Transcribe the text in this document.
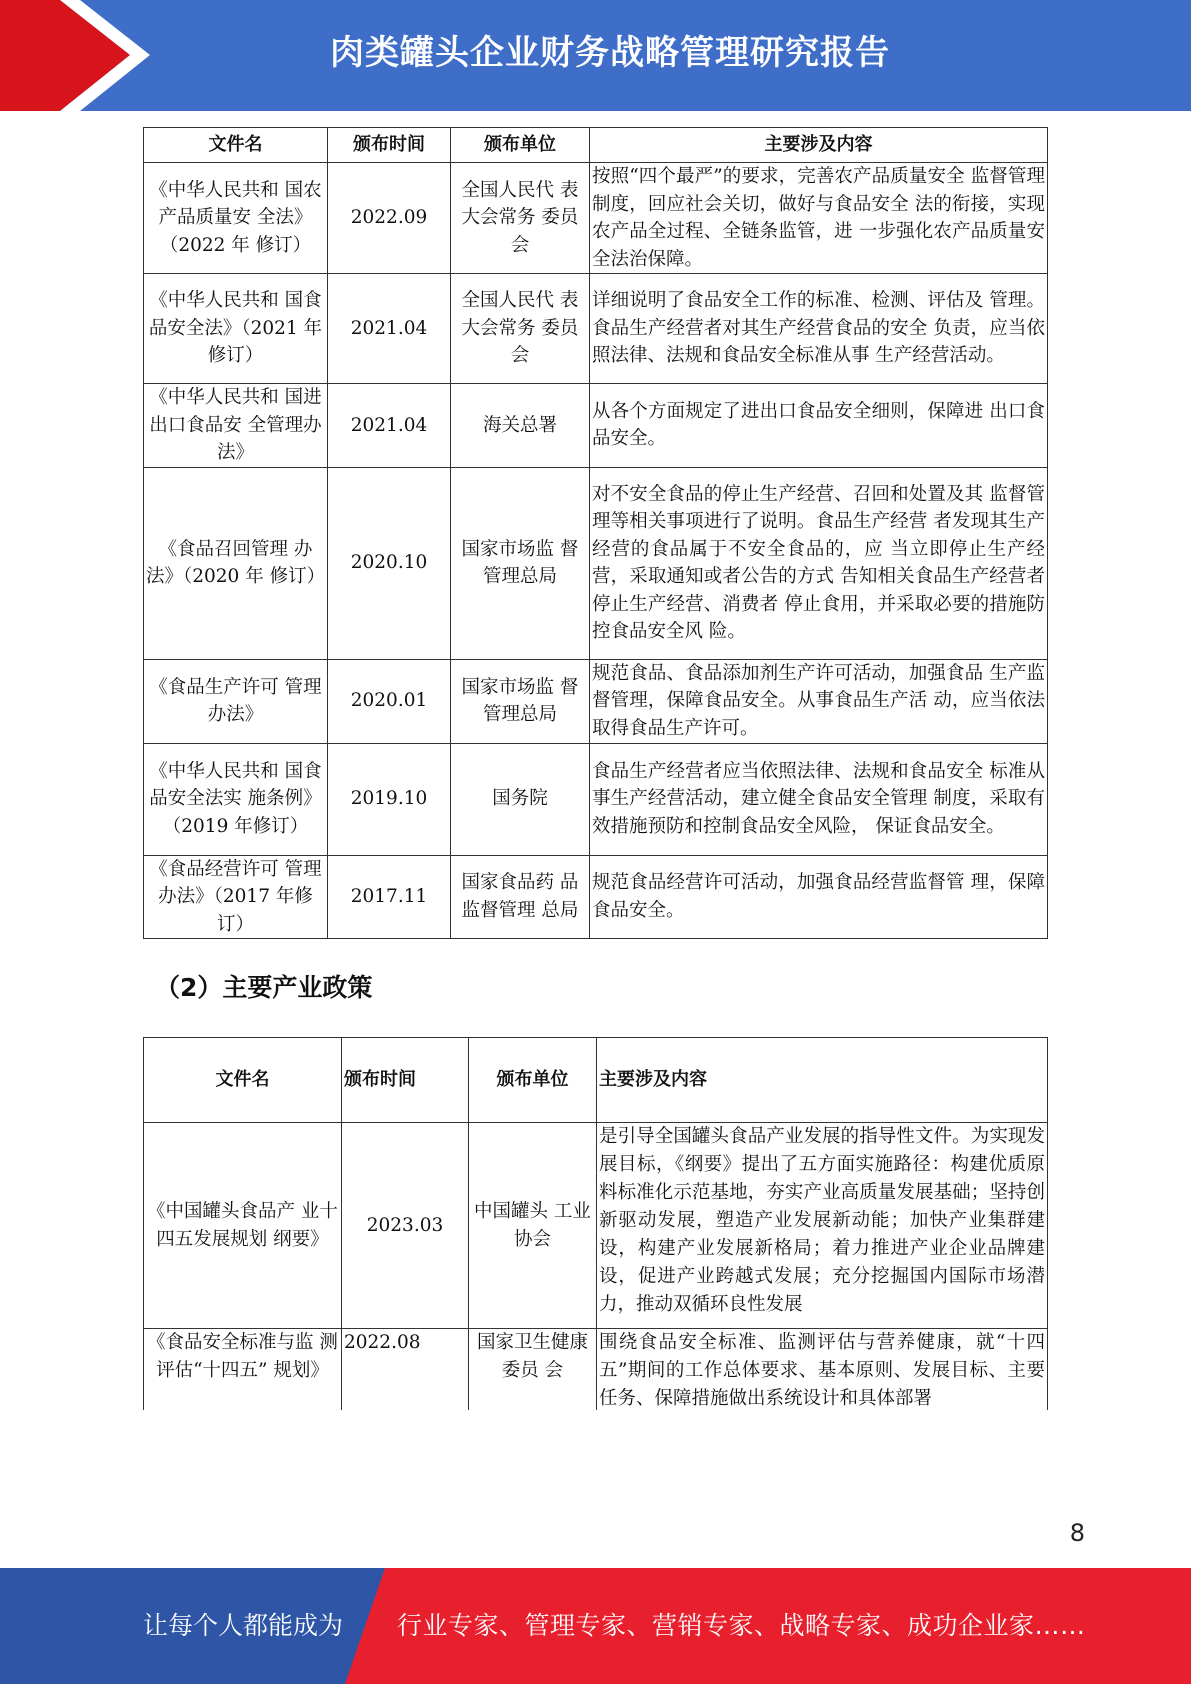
肉类罐头企业财务战略管理研究报告
文件名	颁布时间	颁布单位	主要涉及内容
《中华人民共和 国农产品质量安 全法》（2022 年 修订）	2022.09	全国人民代 表大会常务 委员会	按照“四个最严”的要求，完善农产品质量安全 监督管理制度，回应社会关切，做好与食品安全 法的衔接，实现农产品全过程、全链条监管，进 一步强化农产品质量安全法治保障。
《中华人民共和 国食品安全法》（2021 年修订）	2021.04	全国人民代 表大会常务 委员会	详细说明了食品安全工作的标准、检测、评估及 管理。食品生产经营者对其生产经营食品的安全 负责，应当依照法律、法规和食品安全标准从事 生产经营活动。
《中华人民共和 国进出口食品安 全管理办法》	2021.04	海关总署	从各个方面规定了进出口食品安全细则，保障进 出口食品安全。
《食品召回管理 办法》（2020 年 修订）	2020.10	国家市场监 督管理总局	对不安全食品的停止生产经营、召回和处置及其 监督管理等相关事项进行了说明。食品生产经营 者发现其生产经营的食品属于不安全食品的，应 当立即停止生产经营，采取通知或者公告的方式 告知相关食品生产经营者停止生产经营、消费者 停止食用，并采取必要的措施防控食品安全风 险。
《食品生产许可 管理办法》	2020.01	国家市场监 督管理总局	规范食品、食品添加剂生产许可活动，加强食品 生产监督管理，保障食品安全。从事食品生产活 动，应当依法取得食品生产许可。
《中华人民共和 国食品安全法实 施条例》（2019 年修订）	2019.10	国务院	食品生产经营者应当依照法律、法规和食品安全 标准从事生产经营活动，建立健全食品安全管理 制度，采取有效措施预防和控制食品安全风险， 保证食品安全。
《食品经营许可 管理办法》（2017 年修订）	2017.11	国家食品药 品监督管理 总局	规范食品经营许可活动，加强食品经营监督管 理，保障食品安全。
（2）主要产业政策
文件名	颁布时间	颁布单位	主要涉及内容
《中国罐头食品产 业十四五发展规划 纲要》	2023.03	中国罐头 工业协会	是引导全国罐头食品产业发展的指导性文件。为实现发展目标，《纲要》提出了五方面实施路径：构建优质原料标准化示范基地，夯实产业高质量发展基础；坚持创新驱动发展，塑造产业发展新动能；加快产业集群建设，构建产业发展新格局；着力推进产业企业品牌建设，促进产业跨越式发展；充分挖掘国内国际市场潜力，推动双循环良性发展

《食品安全标准与监 测评估“十四五” 规划》	2022.08	国家卫生健康 委员 会	围绕食品安全标准、监测评估与营养健康，就“十四五”期间的工作总体要求、基本原则、发展目标、主要任务、保障措施做出系统设计和具体部署
8
让每个人都能成为 行业专家、管理专家、营销专家、战略专家、成功企业家……
